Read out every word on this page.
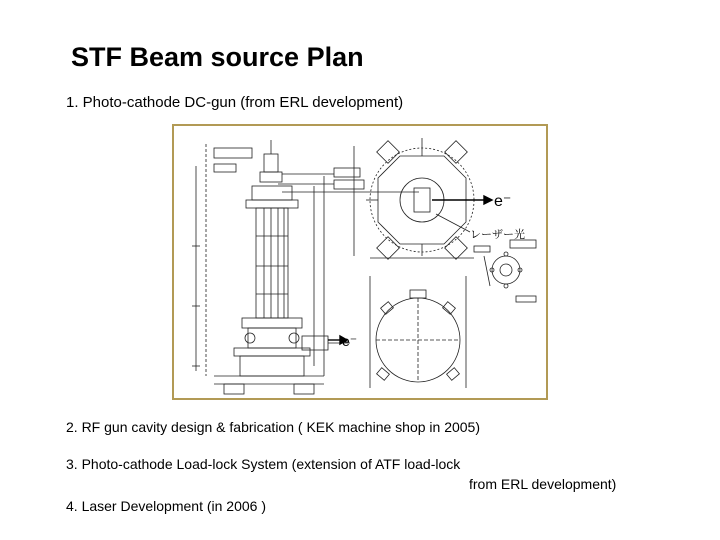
STF Beam source Plan
1. Photo-cathode DC-gun (from ERL development)
e⁻
e⁻
レーザー光
2. RF gun cavity design & fabrication ( KEK machine shop in 2005)
3. Photo-cathode Load-lock System (extension of ATF load-lock
from ERL development)
4. Laser Development (in 2006 )
